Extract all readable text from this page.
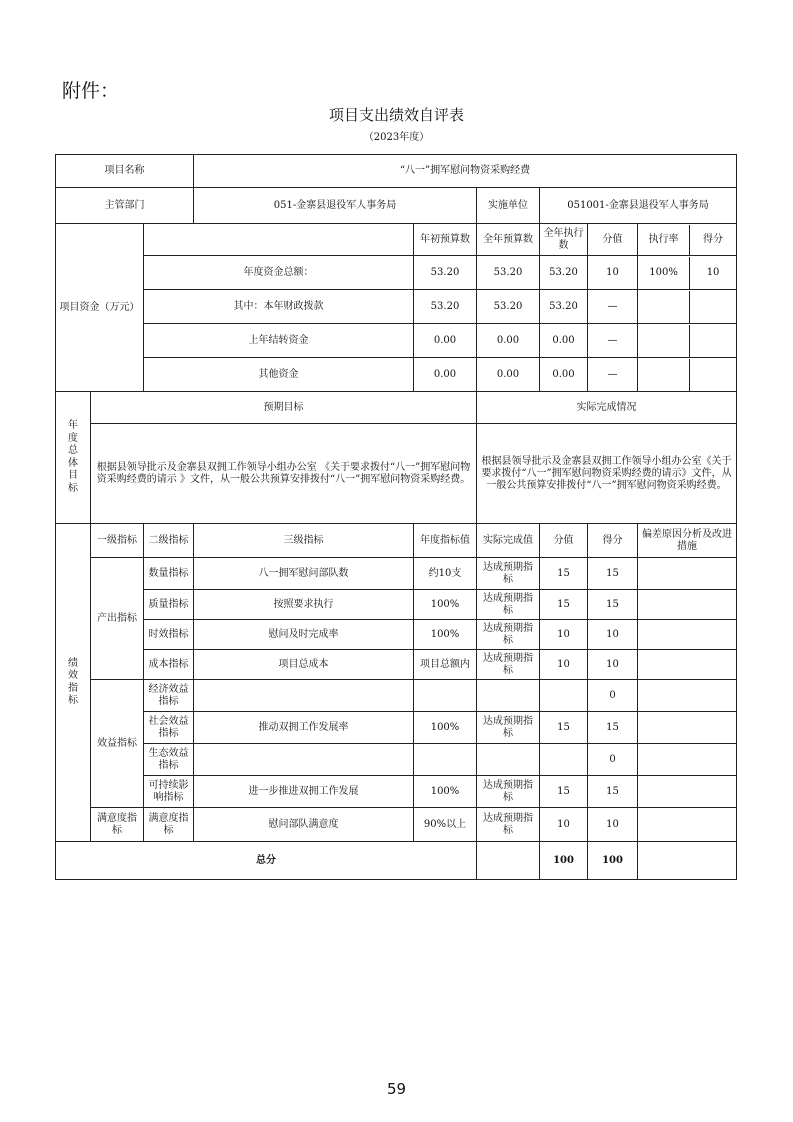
附件：
项目支出绩效自评表
（2023年度）
项目名称	“八一”拥军慰问物资采购经费
主管部门	051-金寨县退役军人事务局	实施单位	051001-金寨县退役军人事务局
项目资金（万元）		年初预算数	全年预算数	全年执行数	分值		执行率	得分

年度资金总额：	53.20	53.20	53.20	10		100%	10

其中：本年财政拨款	53.20	53.20	53.20	—	

上年结转资金	0.00	0.00	0.00	—	

其他资金	0.00	0.00	0.00	—	

年度总体目标
	预期目标	实际完成情况
根据县领导批示及金寨县双拥工作领导小组办公室 《关于要求拨付“八一”拥军慰问物资采购经费的请示 》文件，从一般公共预算安排拨付“八一”拥军慰问物资采购经费。	根据县领导批示及金寨县双拥工作领导小组办公室《关于要求拨付“八一”拥军慰问物资采购经费的请示》文件，从一般公共预算安排拨付“八一”拥军慰问物资采购经费。

绩效指标
	一级指标	二级指标	三级指标	年度指标值	实际完成值	分值	得分	偏差原因分析及改进措施
产出指标	数量指标	八一拥军慰问部队数	约10支	达成预期指标	15	15	
质量指标	按照要求执行	100%	达成预期指标	15	15	
时效指标	慰问及时完成率	100%	达成预期指标	10	10	
成本指标	项目总成本	项目总额内	达成预期指标	10	10	
效益指标	经济效益指标					0	
社会效益指标	推动双拥工作发展率	100%	达成预期指标	15	15	
生态效益指标					0	
可持续影响指标	进一步推进双拥工作发展	100%	达成预期指标	15	15	
满意度指标	满意度指标	慰问部队满意度	90%以上	达成预期指标	10	10	
总分		100	100	
59
